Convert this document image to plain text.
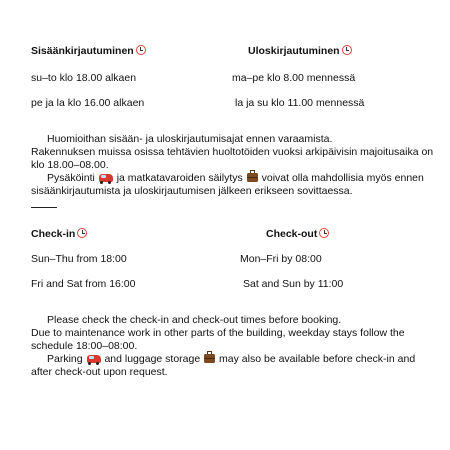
Sisäänkirjautuminen	Uloskirjautuminen
su–to klo 18.00 alkaen	ma–pe klo 8.00 mennessä
pe ja la klo 16.00 alkaen	la ja su klo 11.00 mennessä

Huomioithan sisään- ja uloskirjautumisajat ennen varaamista.

Rakennuksen muissa osissa tehtävien huoltotöiden vuoksi arkipäivisin majoitusaika on klo 18.00–08.00.

Pysäköinti ja matkatavaroiden säilytys voivat olla mahdollisia myös ennen sisäänkirjautumista ja uloskirjautumisen jälkeen erikseen sovittaessa.

Check-in	Check-out
Sun–Thu from 18:00	Mon–Fri by 08:00
Fri and Sat from 16:00	Sat and Sun by 11:00

Please check the check-in and check-out times before booking.

Due to maintenance work in other parts of the building, weekday stays follow the schedule 18:00–08:00.

Parking and luggage storage may also be available before check-in and after check-out upon request.
